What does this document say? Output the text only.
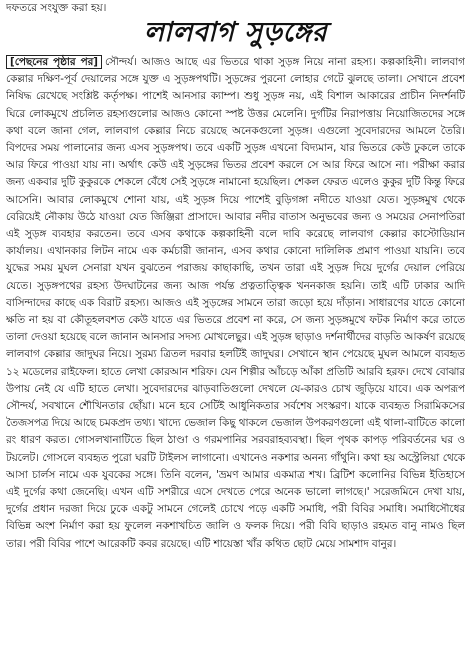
দফতরে সংযুক্ত করা হয়।
লালবাগ সুড়ঙ্গের

[পেছনের পৃষ্ঠার পর] সৌন্দর্য। আজও আছে এর ভিতরে থাকা সুড়ঙ্গ নিয়ে নানা রহস্য। কল্পকাহিনী। লালবাগ কেল্লার দক্ষিণ-পূর্ব দেয়ালের সঙ্গে যুক্ত এ সুড়ঙ্গপথটি। সুড়ঙ্গের পুরনো লোহার গেটে ঝুলছে তালা। সেখানে প্রবেশ নিষিদ্ধ রেখেছে সংশ্লিষ্ট কর্তৃপক্ষ। পাশেই আনসার ক্যাম্প। শুধু সুড়ঙ্গ নয়, এই বিশাল আকারের প্রাচীন নিদর্শনটি ঘিরে লোকমুখে প্রচলিত রহস্যগুলোর আজও কোনো স্পষ্ট উত্তর মেলেনি। দুর্গটির নিরাপত্তায় নিয়োজিতদের সঙ্গে কথা বলে জানা গেল, লালবাগ কেল্লার নিচে রয়েছে অনেকগুলো সুড়ঙ্গ। এগুলো সুবেদারদের আমলে তৈরি। বিপদের সময় পালানোর জন্য এসব সুড়ঙ্গপথ। তবে একটি সুড়ঙ্গ এখনো বিদ্যমান, যার ভিতরে কেউ ঢুকলে তাকে আর ফিরে পাওয়া যায় না। অর্থাৎ কেউ এই সুড়ঙ্গের ভিতর প্রবেশ করলে সে আর ফিরে আসে না। পরীক্ষা করার জন্য একবার দুটি কুকুরকে শেকলে বেঁধে সেই সুড়ঙ্গে নামানো হয়েছিল। শেকল ফেরত এলেও কুকুর দুটি কিন্তু ফিরে আসেনি। আবার লোকমুখে শোনা যায়, এই সুড়ঙ্গ দিয়ে পাশেই বুড়িগঙ্গা নদীতে যাওয়া যেত। সুড়ঙ্গমুখ থেকে বেরিয়েই নৌকায় উঠে যাওয়া যেত জিঞ্জিরা প্রাসাদে। আবার নদীর বাতাস অনুভবের জন্য ও সময়ের সেনাপতিরা এই সুড়ঙ্গ ব্যবহার করতেন। তবে এসব কথাকে কল্পকাহিনী বলে দাবি করেছে লালবাগ কেল্লার কাস্টোডিয়ান কার্যালয়। এখানকার লিটন নামে এক কর্মচারী জানান, এসব কথার কোনো দালিলিক প্রমাণ পাওয়া যায়নি। তবে যুদ্ধের সময় মুঘল সেনারা যখন বুঝতেন পরাজয় কাছাকাছি, তখন তারা এই সুড়ঙ্গ দিয়ে দুর্গের দেয়াল পেরিয়ে যেতে। সুড়ঙ্গপথের রহস্য উদঘাটনের জন্য আজ পর্যন্ত প্রত্নতাত্ত্বিক খননকাজ হয়নি। তাই এটি ঢাকার আদি বাসিন্দাদের কাছে এক বিরাট রহস্য। আজও এই সুড়ঙ্গের সামনে তারা জড়ো হয়ে দাঁড়ান। সাধারণের যাতে কোনো ক্ষতি না হয় বা কৌতূহলবশত কেউ যাতে এর ভিতরে প্রবেশ না করে, সে জন্য সুড়ঙ্গমুখে ফটক নির্মাণ করে তাতে তালা দেওয়া হয়েছে বলে জানান আনসার সদস্য মোখলেছুর। এই সুড়ঙ্গ ছাড়াও দর্শনার্থীদের বাড়তি আকর্ষণ রয়েছে লালবাগ কেল্লার জাদুঘর নিয়ে। সুরম্য ত্রিতল দরবার হলটিই জাদুঘর। সেখানে স্থান পেয়েছে মুঘল আমলে ব্যবহৃত ১২ মডেলের রাইফেল। হাতে লেখা কোরআন শরিফ। যেন শিল্পীর আঁচড়ে আঁকা প্রতিটি আরবি হরফ। দেখে বোঝার উপায় নেই যে এটি হাতে লেখা। সুবেদারদের ঝাড়বাতিগুলো দেখলে যে-কারও চোখ জুড়িয়ে যাবে। এক অপরূপ সৌন্দর্য, সবখানে শৌখিনতার ছোঁয়া। মনে হবে সেটিই আধুনিকতার সর্বশেষ সংস্করণ। যাকে ব্যবহৃত সিরামিকসের তৈজসপত্র দিয়ে আছে চমকপ্রদ তথ্য। খাদ্যে ভেজাল কিছু থাকলে ভেজাল উপকরণগুলো এই থালা-বাটিতে কালো রং ধারণ করত। গোসলখানাটিতে ছিল ঠাণ্ডা ও গরমপানির সরবরাহব্যবস্থা। ছিল পৃথক কাপড় পরিবর্তনের ঘর ও টয়লেট। গোসলে ব্যবহৃত পুরো ঘরটি টাইলস লাগানো। এখানেও নকশার অনন্য গাঁথুনি। কথা হয় অস্ট্রেলিয়া থেকে আসা চার্লস নামে এক যুবকের সঙ্গে। তিনি বলেন, 'ভ্রমণ আমার একমাত্র শখ। ব্রিটিশ কলোনির বিভিন্ন ইতিহাসে এই দুর্গের কথা জেনেছি। এখন এটি সশরীরে এসে দেখতে পেরে অনেক ভালো লাগছে।' সরেজমিনে দেখা যায়, দুর্গের প্রধান দরজা দিয়ে ঢুকে একটু সামনে গেলেই চোখে পড়ে একটি সমাধি, পরী বিবির সমাধি। সমাধিসৌধের বিভিন্ন অংশ নির্মাণ করা হয় ফুলেল নকশাখচিত জালি ও ফলক দিয়ে। পরী বিবি ছাড়াও রহমত বানু নামও ছিল তার। পরী বিবির পাশে আরেকটি কবর রয়েছে। এটি শায়েস্তা খাঁর কথিত ছোট মেয়ে সামশাদ বানুর।
